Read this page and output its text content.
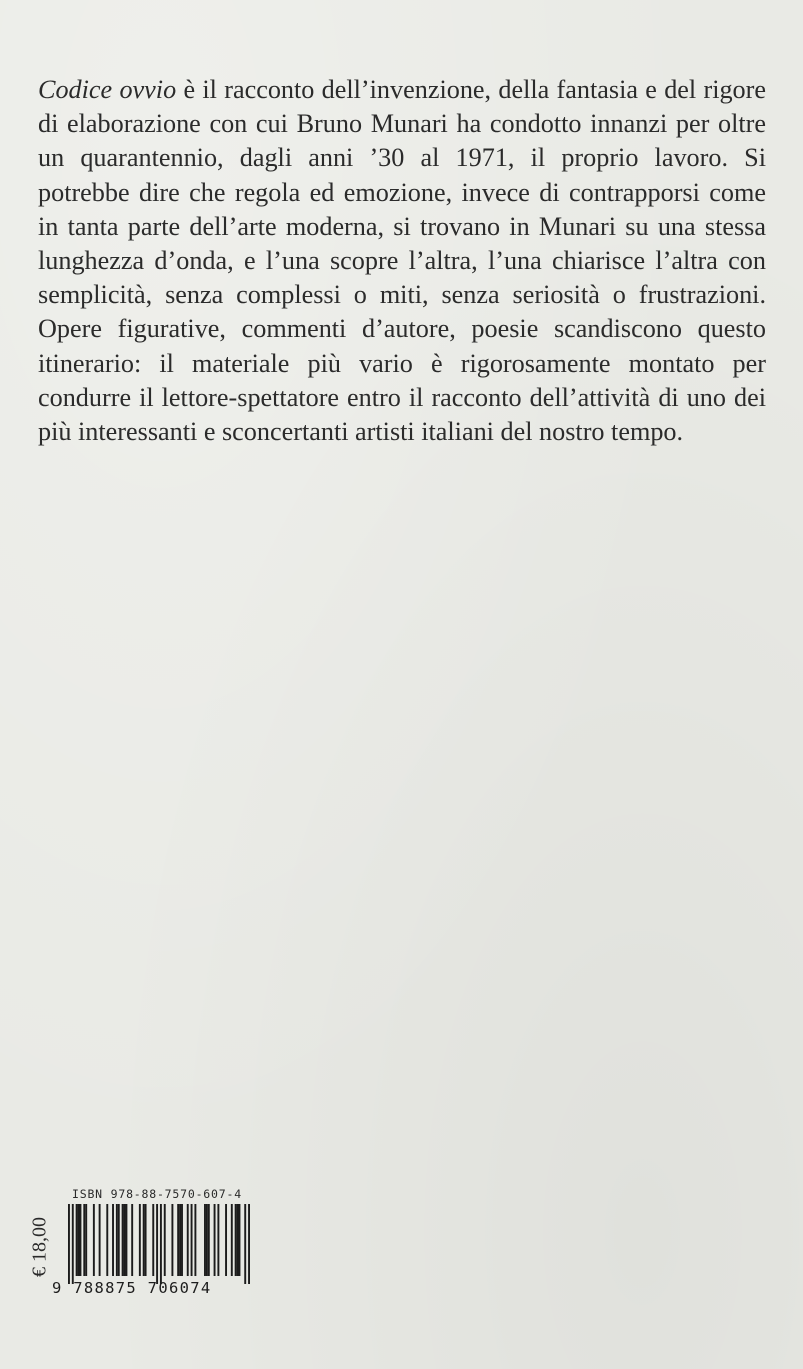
Codice ovvio è il racconto dell’invenzione, della fantasia e del rigore di elaborazione con cui Bruno Munari ha condotto innanzi per oltre un quarantennio, dagli anni ’30 al 1971, il proprio lavoro. Si potrebbe dire che regola ed emozione, invece di contrapporsi come in tanta parte dell’arte moderna, si trovano in Munari su una stessa lunghezza d’onda, e l’una scopre l’altra, l’una chiarisce l’altra con semplicità, senza complessi o miti, senza seriosità o frustrazioni. Opere figurative, commenti d’autore, poesie scandiscono questo itinerario: il materiale più vario è rigorosamente montato per condurre il lettore-spettatore entro il racconto dell’attività di uno dei più interessanti e sconcertanti artisti italiani del nostro tempo.

ISBN 978-88-7570-607-4
€ 18,00
9 788875 706074
